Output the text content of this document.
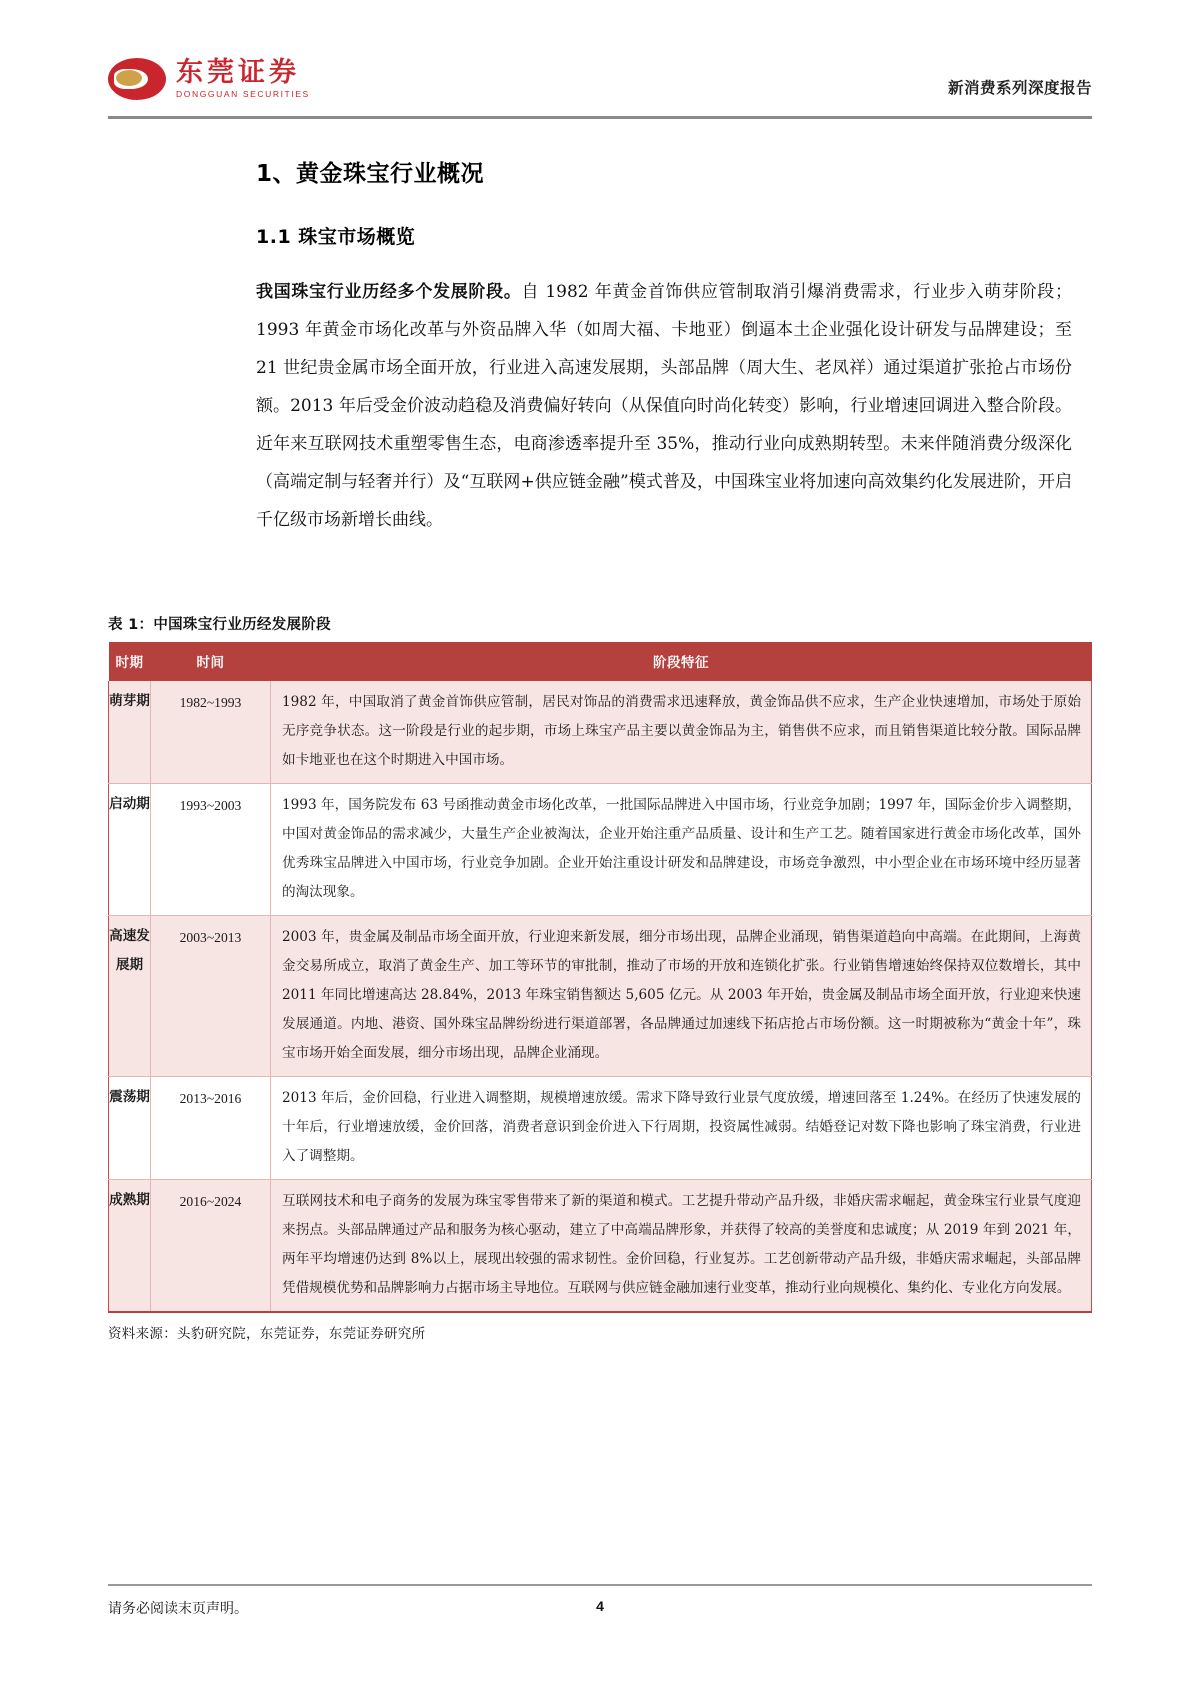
东莞证券
DONGGUAN SECURITIES	新消费系列深度报告
1、黄金珠宝行业概况
1.1 珠宝市场概览

我国珠宝行业历经多个发展阶段。自 1982 年黄金首饰供应管制取消引爆消费需求，行业步入萌芽阶段；1993 年黄金市场化改革与外资品牌入华（如周大福、卡地亚）倒逼本土企业强化设计研发与品牌建设；至 21 世纪贵金属市场全面开放，行业进入高速发展期，头部品牌（周大生、老凤祥）通过渠道扩张抢占市场份额。2013 年后受金价波动趋稳及消费偏好转向（从保值向时尚化转变）影响，行业增速回调进入整合阶段。近年来互联网技术重塑零售生态，电商渗透率提升至 35%，推动行业向成熟期转型。未来伴随消费分级深化（高端定制与轻奢并行）及“互联网+供应链金融”模式普及，中国珠宝业将加速向高效集约化发展进阶，开启千亿级市场新增长曲线。

表 1：中国珠宝行业历经发展阶段
时期	时间	阶段特征
萌芽期	1982~1993	1982 年，中国取消了黄金首饰供应管制，居民对饰品的消费需求迅速释放，黄金饰品供不应求，生产企业快速增加，市场处于原始无序竞争状态。这一阶段是行业的起步期，市场上珠宝产品主要以黄金饰品为主，销售供不应求，而且销售渠道比较分散。国际品牌如卡地亚也在这个时期进入中国市场。
启动期	1993~2003	1993 年，国务院发布 63 号函推动黄金市场化改革，一批国际品牌进入中国市场，行业竞争加剧；1997 年，国际金价步入调整期，中国对黄金饰品的需求减少，大量生产企业被淘汰，企业开始注重产品质量、设计和生产工艺。随着国家进行黄金市场化改革，国外优秀珠宝品牌进入中国市场，行业竞争加剧。企业开始注重设计研发和品牌建设，市场竞争激烈，中小型企业在市场环境中经历显著的淘汰现象。
高速发展期	2003~2013	2003 年，贵金属及制品市场全面开放，行业迎来新发展，细分市场出现，品牌企业涌现，销售渠道趋向中高端。在此期间，上海黄金交易所成立，取消了黄金生产、加工等环节的审批制，推动了市场的开放和连锁化扩张。行业销售增速始终保持双位数增长，其中 2011 年同比增速高达 28.84%，2013 年珠宝销售额达 5,605 亿元。从 2003 年开始，贵金属及制品市场全面开放，行业迎来快速发展通道。内地、港资、国外珠宝品牌纷纷进行渠道部署，各品牌通过加速线下拓店抢占市场份额。这一时期被称为“黄金十年”，珠宝市场开始全面发展，细分市场出现，品牌企业涌现。
震荡期	2013~2016	2013 年后，金价回稳，行业进入调整期，规模增速放缓。需求下降导致行业景气度放缓，增速回落至 1.24%。在经历了快速发展的十年后，行业增速放缓，金价回落，消费者意识到金价进入下行周期，投资属性减弱。结婚登记对数下降也影响了珠宝消费，行业进入了调整期。
成熟期	2016~2024	互联网技术和电子商务的发展为珠宝零售带来了新的渠道和模式。工艺提升带动产品升级，非婚庆需求崛起，黄金珠宝行业景气度迎来拐点。头部品牌通过产品和服务为核心驱动，建立了中高端品牌形象，并获得了较高的美誉度和忠诚度；从 2019 年到 2021 年，两年平均增速仍达到 8%以上，展现出较强的需求韧性。金价回稳，行业复苏。工艺创新带动产品升级，非婚庆需求崛起，头部品牌凭借规模优势和品牌影响力占据市场主导地位。互联网与供应链金融加速行业变革，推动行业向规模化、集约化、专业化方向发展。
资料来源：头豹研究院，东莞证券，东莞证券研究所
请务必阅读末页声明。	4
